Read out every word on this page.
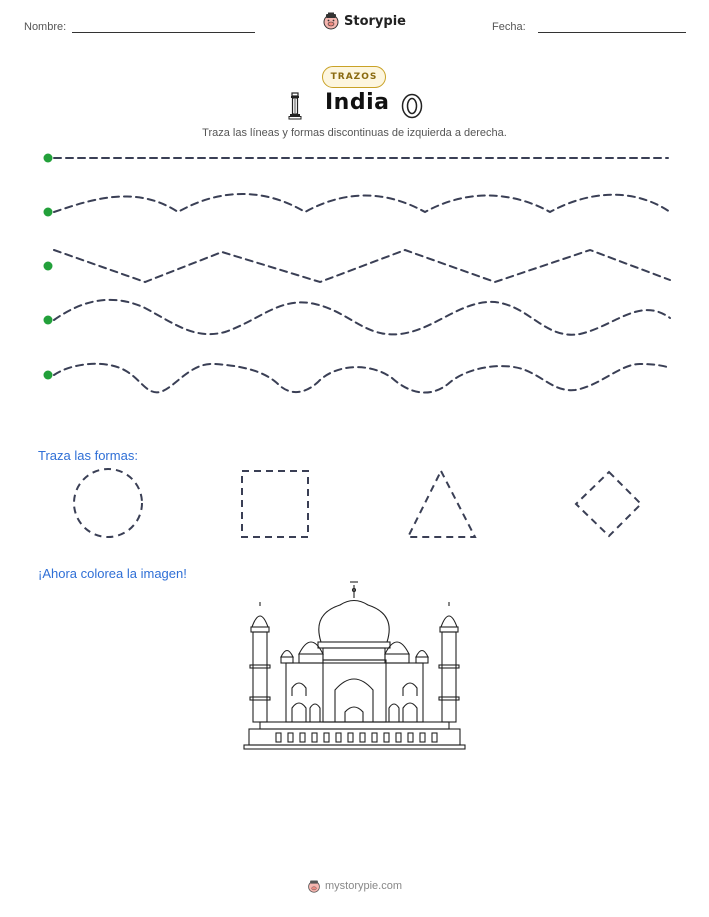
Nombre:	Storypie	Fecha:
TRAZOS
India
Traza las líneas y formas discontinuas de izquierda a derecha.
Traza las formas:
¡Ahora colorea la imagen!
mystorypie.com
